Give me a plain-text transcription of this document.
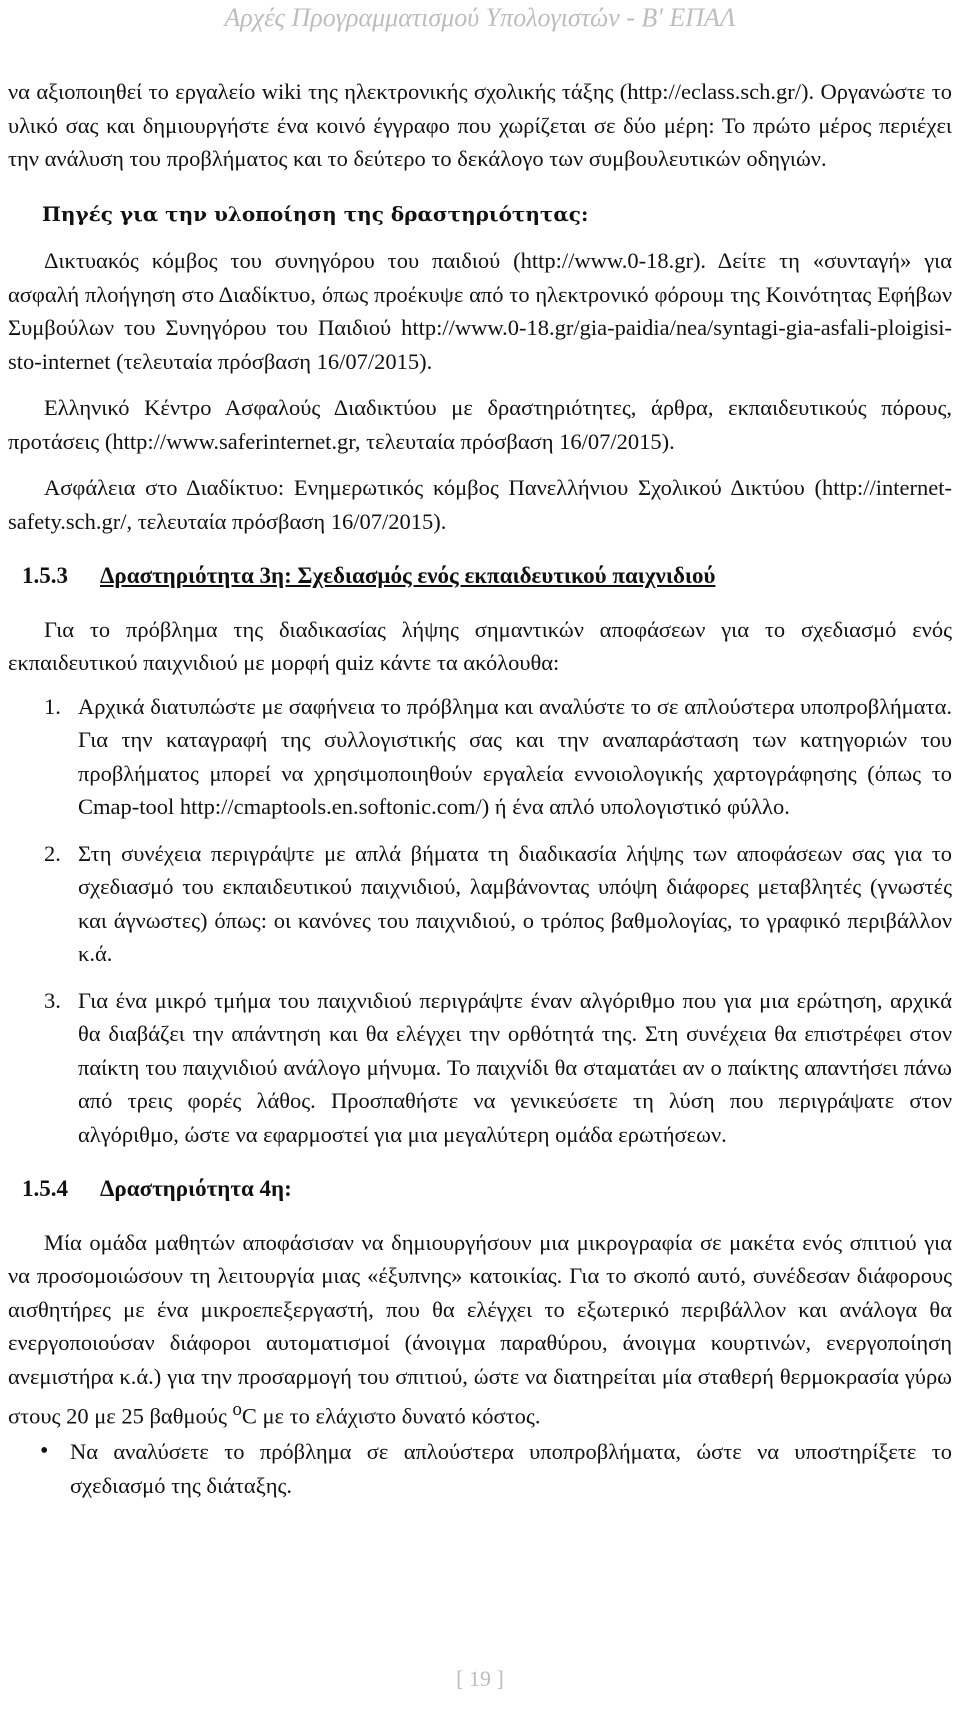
Αρχές Προγραμματισμού Υπολογιστών - Β' ΕΠΑΛ

να αξιοποιηθεί το εργαλείο wiki της ηλεκτρονικής σχολικής τάξης (http://eclass.sch.gr/). Οργανώστε το υλικό σας και δημιουργήστε ένα κοινό έγγραφο που χωρίζεται σε δύο μέρη: Το πρώτο μέρος περιέχει την ανάλυση του προβλήματος και το δεύτερο το δεκάλογο των συμβουλευτικών οδηγιών.

Πηγές για την υλοποίηση της δραστηριότητας:

Δικτυακός κόμβος του συνηγόρου του παιδιού (http://www.0-18.gr). Δείτε τη «συνταγή» για ασφαλή πλοήγηση στο Διαδίκτυο, όπως προέκυψε από το ηλεκτρονικό φόρουμ της Κοινότητας Εφήβων Συμβούλων του Συνηγόρου του Παιδιού http://www.0-18.gr/gia-paidia/nea/syntagi-gia-asfali-ploigisi-sto-internet (τελευταία πρόσβαση 16/07/2015).

Ελληνικό Κέντρο Ασφαλούς Διαδικτύου με δραστηριότητες, άρθρα, εκπαιδευτικούς πόρους, προτάσεις (http://www.saferinternet.gr, τελευταία πρόσβαση 16/07/2015).

Ασφάλεια στο Διαδίκτυο: Ενημερωτικός κόμβος Πανελλήνιου Σχολικού Δικτύου (http://internet-safety.sch.gr/, τελευταία πρόσβαση 16/07/2015).

1.5.3 Δραστηριότητα 3η: Σχεδιασμός ενός εκπαιδευτικού παιχνιδιού

Για το πρόβλημα της διαδικασίας λήψης σημαντικών αποφάσεων για το σχεδιασμό ενός εκπαιδευτικού παιχνιδιού με μορφή quiz κάντε τα ακόλουθα:

1. Αρχικά διατυπώστε με σαφήνεια το πρόβλημα και αναλύστε το σε απλούστερα υποπροβλήματα. Για την καταγραφή της συλλογιστικής σας και την αναπαράσταση των κατηγοριών του προβλήματος μπορεί να χρησιμοποιηθούν εργαλεία εννοιολογικής χαρτογράφησης (όπως το Cmap-tool http://cmaptools.en.softonic.com/) ή ένα απλό υπολογιστικό φύλλο.
2. Στη συνέχεια περιγράψτε με απλά βήματα τη διαδικασία λήψης των αποφάσεων σας για το σχεδιασμό του εκπαιδευτικού παιχνιδιού, λαμβάνοντας υπόψη διάφορες μεταβλητές (γνωστές και άγνωστες) όπως: οι κανόνες του παιχνιδιού, ο τρόπος βαθμολογίας, το γραφικό περιβάλλον κ.ά.
3. Για ένα μικρό τμήμα του παιχνιδιού περιγράψτε έναν αλγόριθμο που για μια ερώτηση, αρχικά θα διαβάζει την απάντηση και θα ελέγχει την ορθότητά της. Στη συνέχεια θα επιστρέφει στον παίκτη του παιχνιδιού ανάλογο μήνυμα. Το παιχνίδι θα σταματάει αν ο παίκτης απαντήσει πάνω από τρεις φορές λάθος. Προσπαθήστε να γενικεύσετε τη λύση που περιγράψατε στον αλγόριθμο, ώστε να εφαρμοστεί για μια μεγαλύτερη ομάδα ερωτήσεων.
1.5.4 Δραστηριότητα 4η:

Μία ομάδα μαθητών αποφάσισαν να δημιουργήσουν μια μικρογραφία σε μακέτα ενός σπιτιού για να προσομοιώσουν τη λειτουργία μιας «έξυπνης» κατοικίας. Για το σκοπό αυτό, συνέδεσαν διάφορους αισθητήρες με ένα μικροεπεξεργαστή, που θα ελέγχει το εξωτερικό περιβάλλον και ανάλογα θα ενεργοποιούσαν διάφοροι αυτοματισμοί (άνοιγμα παραθύρου, άνοιγμα κουρτινών, ενεργοποίηση ανεμιστήρα κ.ά.) για την προσαρμογή του σπιτιού, ώστε να διατηρείται μία σταθερή θερμοκρασία γύρω στους 20 με 25 βαθμούς $^o$C με το ελάχιστο δυνατό κόστος.

• Να αναλύσετε το πρόβλημα σε απλούστερα υποπροβλήματα, ώστε να υποστηρίξετε το σχεδιασμό της διάταξης.
[ 19 ]
